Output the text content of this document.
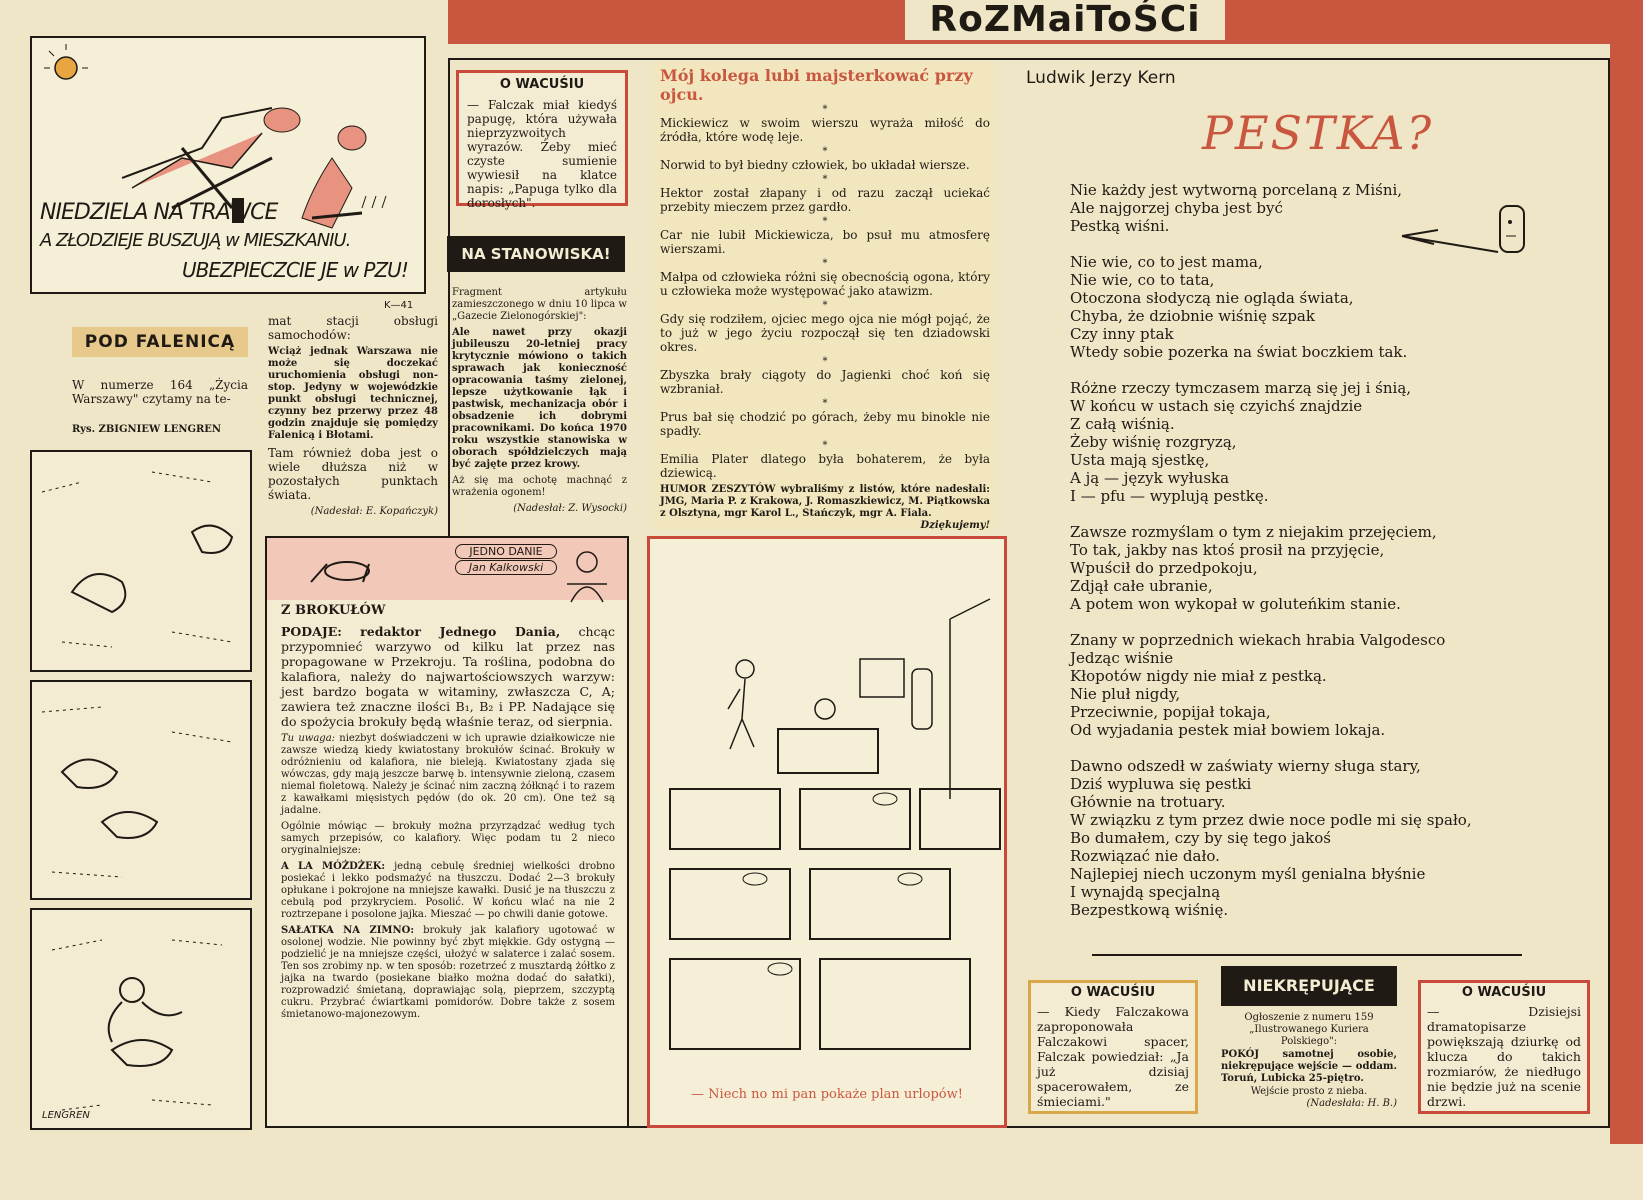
RoZMaiToŚCi
NIEDZIELA NA TRAWCE
A ZŁODZIEJE BUSZUJĄ w MIESZKANIU.
UBEZPIECZCIE JE w PZU!
K—41
POD FALENICĄ
W numerze 164 „Życia Warszawy" czytamy na te-
Rys. ZBIGNIEW LENGREN

mat stacji obsługi samochodów:

Wciąż jednak Warszawa nie może się doczekać uruchomienia obsługi non-stop. Jedyny w wojewódzkie punkt obsługi technicznej, czynny bez przerwy przez 48 godzin znajduje się pomiędzy Falenicą i Błotami.

Tam również doba jest o wiele dłuższa niż w pozostałych punktach świata.

(Nadesłał: E. Kopańczyk)

LENGREN
O WACUŚIU
— Falczak miał kiedyś papugę, która używała nieprzyzwoitych wyrazów. Żeby mieć czyste sumienie wywiesił na klatce napis: „Papuga tylko dla dorosłych".
NA STANOWISKA!

Fragment artykułu zamieszczonego w dniu 10 lipca w „Gazecie Zielonogórskiej":

Ale nawet przy okazji jubileuszu 20-letniej pracy krytycznie mówiono o takich sprawach jak konieczność opracowania taśmy zielonej, lepsze użytkowanie łąk i pastwisk, mechanizacja obór i obsadzenie ich dobrymi pracownikami. Do końca 1970 roku wszystkie stanowiska w oborach spółdzielczych mają być zajęte przez krowy.

Aż się ma ochotę machnąć z wrażenia ogonem!

(Nadesłał: Z. Wysocki)

Mój kolega lubi majsterkować przy ojcu.
*

Mickiewicz w swoim wierszu wyraża miłość do źródła, które wodę leje.

*

Norwid to był biedny człowiek, bo układał wiersze.

*

Hektor został złapany i od razu zaczął uciekać przebity mieczem przez gardło.

*

Car nie lubił Mickiewicza, bo psuł mu atmosferę wierszami.

*

Małpa od człowieka różni się obecnością ogona, który u człowieka może występować jako atawizm.

*

Gdy się rodziłem, ojciec mego ojca nie mógł pojąć, że to już w jego życiu rozpoczął się ten dziadowski okres.

*

Zbyszka brały ciągoty do Jagienki choć koń się wzbraniał.

*

Prus bał się chodzić po górach, żeby mu binokle nie spadły.

*

Emilia Plater dlatego była bohaterem, że była dziewicą.

HUMOR ZESZYTÓW wybraliśmy z listów, które nadesłali: JMG, Maria P. z Krakowa, J. Romaszkiewicz, M. Piątkowska z Olsztyna, mgr Karol L., Stańczyk, mgr A. Fiala.

Dziękujemy!
JEDNO DANIE
Jan Kalkowski
Z BROKUŁÓW

PODAJE: redaktor Jednego Dania, chcąc przypomnieć warzywo od kilku lat przez nas propagowane w Przekroju. Ta roślina, podobna do kalafiora, należy do najwartościowszych warzyw: jest bardzo bogata w witaminy, zwłaszcza C, A; zawiera też znaczne ilości B₁, B₂ i PP. Nadające się do spożycia brokuły będą właśnie teraz, od sierpnia.

Tu uwaga: niezbyt doświadczeni w ich uprawie działkowicze nie zawsze wiedzą kiedy kwiatostany brokułów ścinać. Brokuły w odróżnieniu od kalafiora, nie bieleją. Kwiatostany zjada się wówczas, gdy mają jeszcze barwę b. intensywnie zieloną, czasem niemal fioletową. Należy je ścinać nim zaczną żółknąć i to razem z kawałkami mięsistych pędów (do ok. 20 cm). One też są jadalne.

Ogólnie mówiąc — brokuły można przyrządzać według tych samych przepisów, co kalafiory. Więc podam tu 2 nieco oryginalniejsze:

A LA MÓŻDŻEK: jedną cebulę średniej wielkości drobno posiekać i lekko podsmażyć na tłuszczu. Dodać 2—3 brokuły opłukane i pokrojone na mniejsze kawałki. Dusić je na tłuszczu z cebulą pod przykryciem. Posolić. W końcu wlać na nie 2 roztrzepane i posolone jajka. Mieszać — po chwili danie gotowe.

SAŁATKA NA ZIMNO: brokuły jak kalafiory ugotować w osolonej wodzie. Nie powinny być zbyt miękkie. Gdy ostygną — podzielić je na mniejsze części, ułożyć w salaterce i zalać sosem. Ten sos zrobimy np. w ten sposób: rozetrzeć z musztardą żółtko z jajka na twardo (posiekane białko można dodać do sałatki), rozprowadzić śmietaną, doprawiając solą, pieprzem, szczyptą cukru. Przybrać ćwiartkami pomidorów. Dobre także z sosem śmietanowo-majonezowym.

— Niech no mi pan pokaże plan urlopów!
Ludwik Jerzy Kern
PESTKA?
Nie każdy jest wytworną porcelaną z Miśni,
Ale najgorzej chyba jest być
Pestką wiśni.
Nie wie, co to jest mama,
Nie wie, co to tata,
Otoczona słodyczą nie ogląda świata,
Chyba, że dziobnie wiśnię szpak
Czy inny ptak
Wtedy sobie pozerka na świat boczkiem tak.
Różne rzeczy tymczasem marzą się jej i śnią,
W końcu w ustach się czyichś znajdzie
Z całą wiśnią.
Żeby wiśnię rozgryzą,
Usta mają sjestkę,
A ją — język wyłuska
I — pfu — wyplują pestkę.
Zawsze rozmyślam o tym z niejakim przejęciem,
To tak, jakby nas ktoś prosił na przyjęcie,
Wpuścił do przedpokoju,
Zdjął całe ubranie,
A potem won wykopał w goluteńkim stanie.
Znany w poprzednich wiekach hrabia Valgodesco
Jedząc wiśnie
Kłopotów nigdy nie miał z pestką.
Nie pluł nigdy,
Przeciwnie, popijał tokaja,
Od wyjadania pestek miał bowiem lokaja.
Dawno odszedł w zaświaty wierny sługa stary,
Dziś wypluwa się pestki
Głównie na trotuary.
W związku z tym przez dwie noce podle mi się spało,
Bo dumałem, czy by się tego jakoś
Rozwiązać nie dało.
Najlepiej niech uczonym myśl genialna błyśnie
I wynajdą specjalną
Bezpestkową wiśnię.
O WACUŚIU
— Kiedy Falczakowa zaproponowała Falczakowi spacer, Falczak powiedział: „Ja już dzisiaj spacerowałem, ze śmieciami."
NIEKRĘPUJĄCE

Ogłoszenie z numeru 159 „Ilustrowanego Kuriera Polskiego":

POKÓJ samotnej osobie, niekrępujące wejście — oddam. Toruń, Lubicka 25-piętro.

Wejście prosto z nieba.

(Nadesłała: H. B.)

O WACUŚIU
— Dzisiejsi dramatopisarze powiększają dziurkę od klucza do takich rozmiarów, że niedługo nie będzie już na scenie drzwi.
